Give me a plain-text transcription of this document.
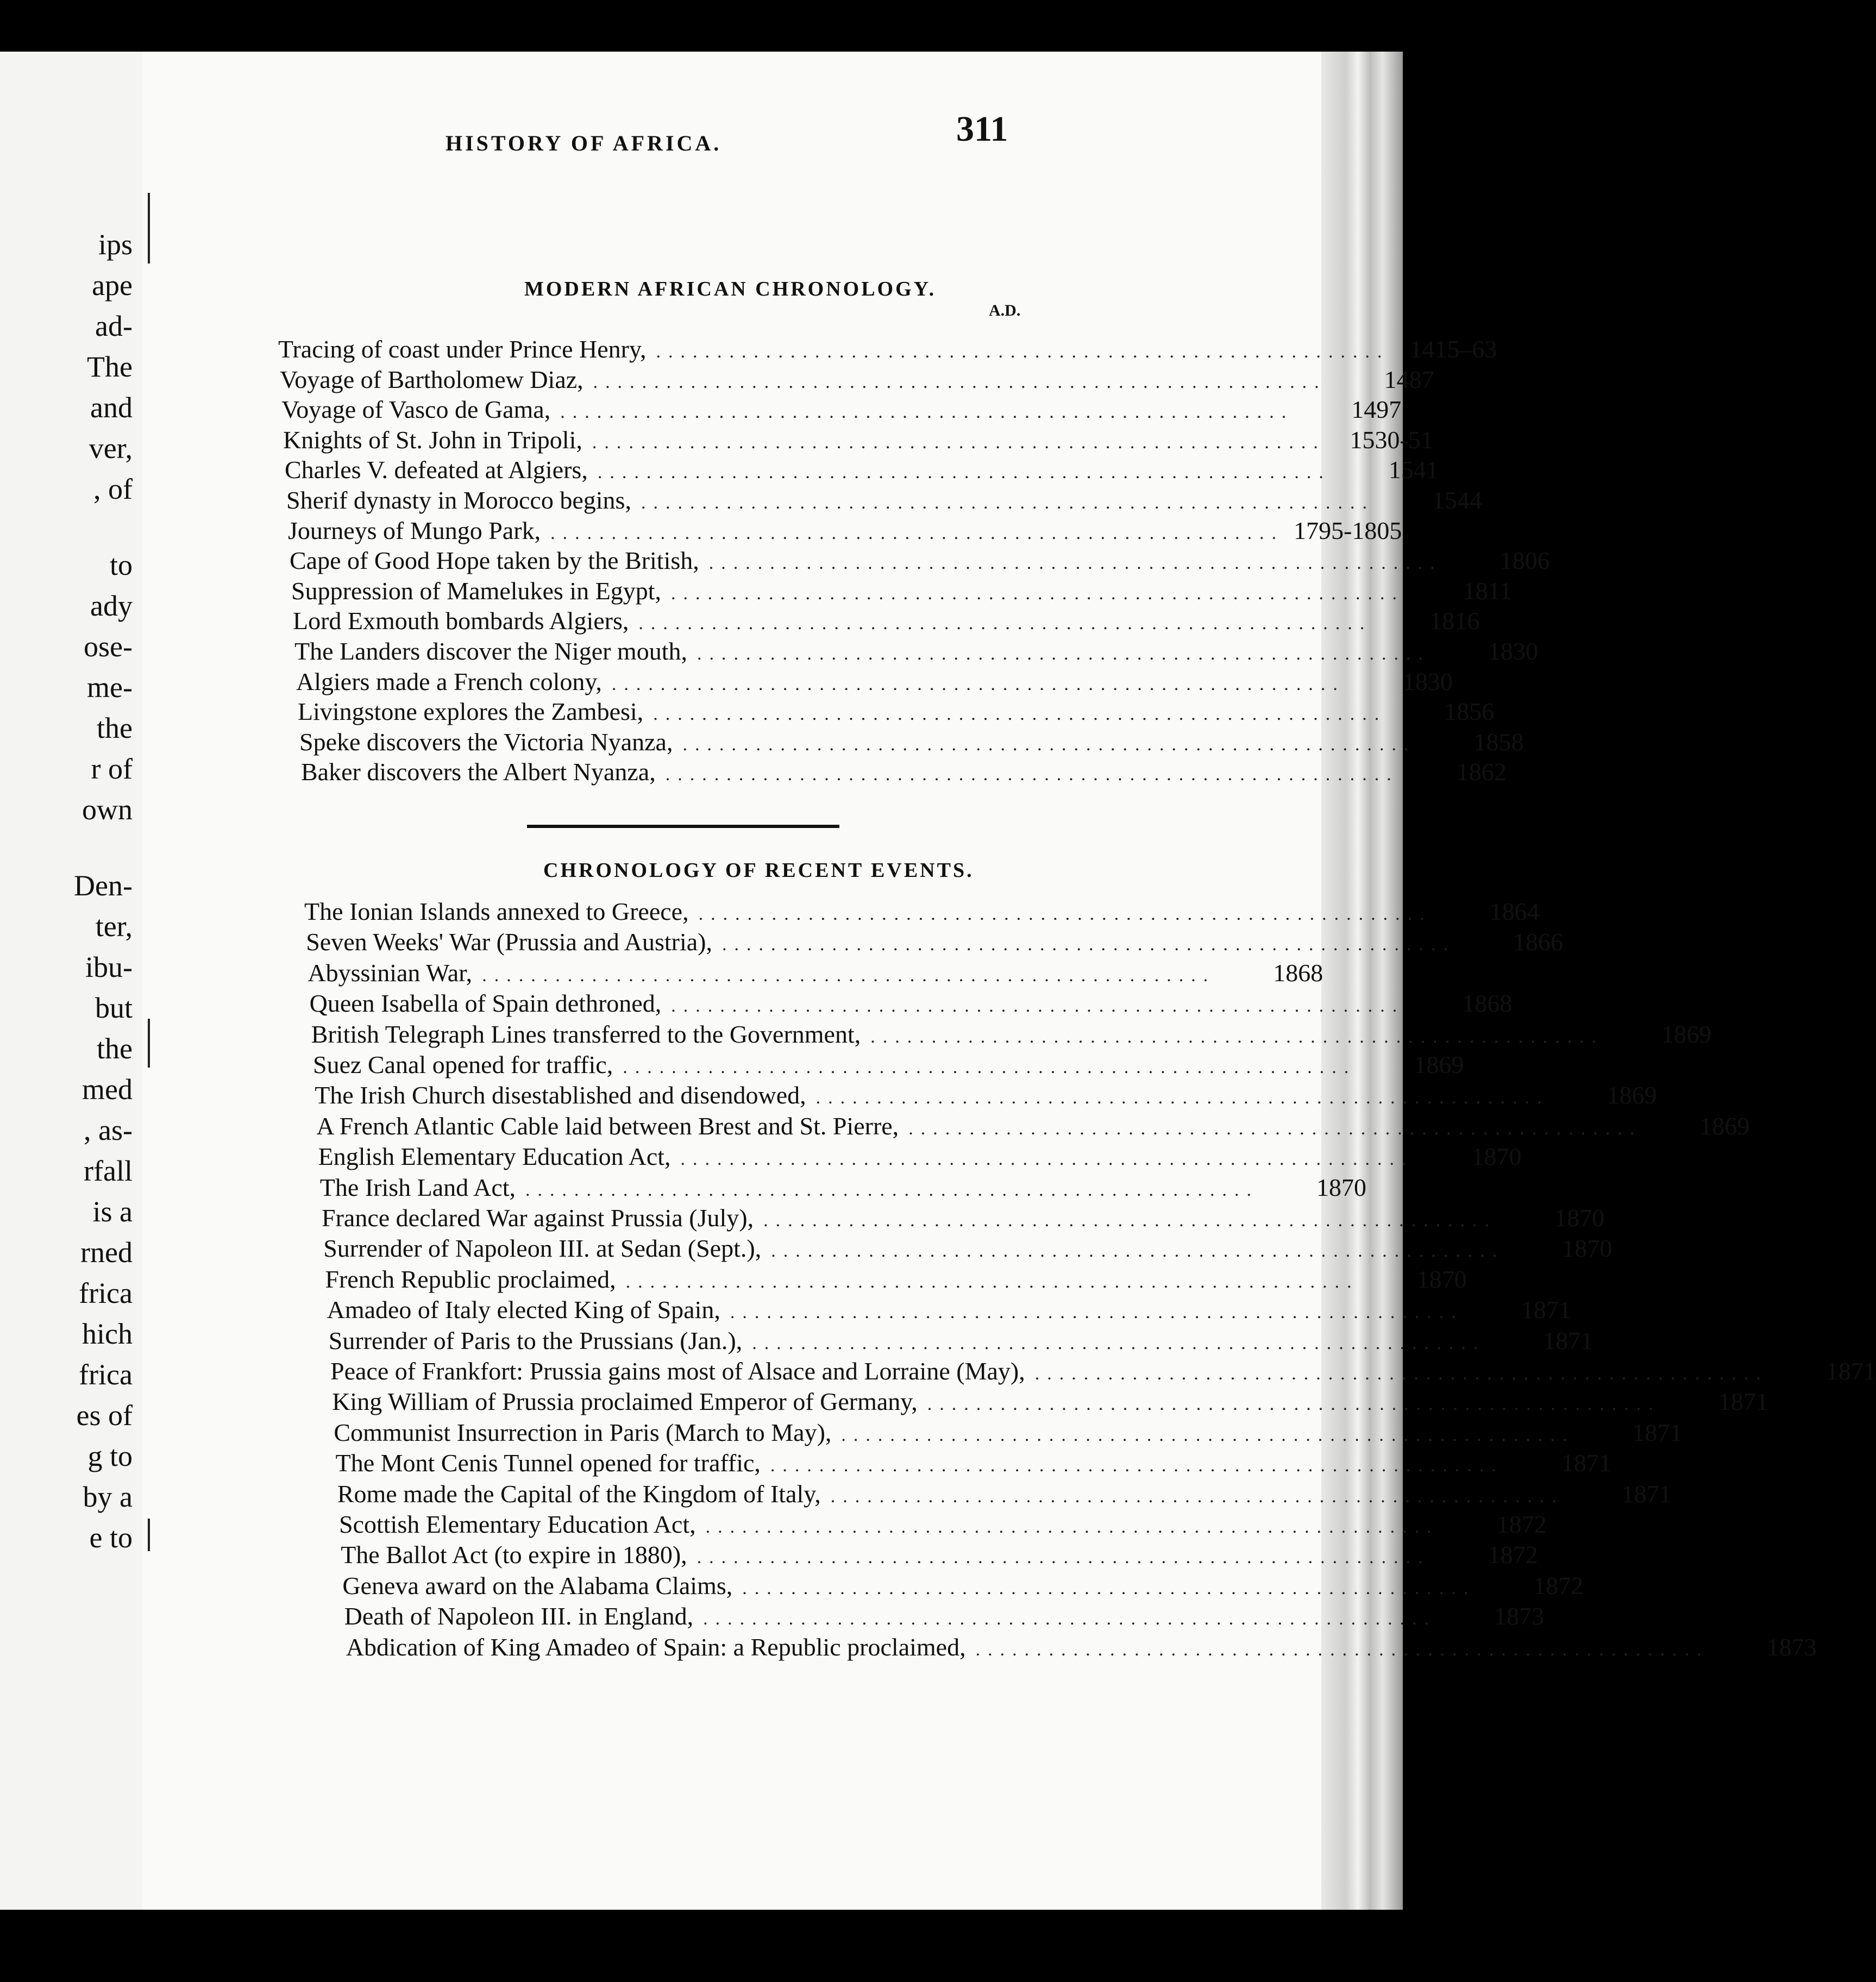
ips
ape
ad-
The
and
ver,
, of
to
ady
ose-
me-
the
r of
own
Den-
ter,
ibu-
but
the
med
, as-
rfall
is a
rned
frica
hich
frica
es of
g to
by a
e to
HISTORY OF AFRICA.	311
MODERN AFRICAN CHRONOLOGY.
A.D.
Tracing of coast under Prince Henry, ............................................................ 1415–63
Voyage of Bartholomew Diaz, ............................................................	1487
Voyage of Vasco de Gama, ............................................................	1497
Knights of St. John in Tripoli, ............................................................ 1530-51
Charles V. defeated at Algiers, ............................................................	1541
Sherif dynasty in Morocco begins, ............................................................	1544
Journeys of Mungo Park, ............................................................ 1795-1805
Cape of Good Hope taken by the British, ............................................................	1806
Suppression of Mamelukes in Egypt, ............................................................	1811
Lord Exmouth bombards Algiers, ............................................................	1816
The Landers discover the Niger mouth, ............................................................	1830
Algiers made a French colony, ............................................................	1830
Livingstone explores the Zambesi, ............................................................	1856
Speke discovers the Victoria Nyanza, ............................................................	1858
Baker discovers the Albert Nyanza, ............................................................	1862
CHRONOLOGY OF RECENT EVENTS.
The Ionian Islands annexed to Greece, ............................................................	1864
Seven Weeks' War (Prussia and Austria), ............................................................	1866
Abyssinian War, ............................................................	1868
Queen Isabella of Spain dethroned, ............................................................	1868
British Telegraph Lines transferred to the Government, ............................................................	1869
Suez Canal opened for traffic, ............................................................	1869
The Irish Church disestablished and disendowed, ............................................................	1869
A French Atlantic Cable laid between Brest and St. Pierre, ............................................................	1869
English Elementary Education Act, ............................................................	1870
The Irish Land Act, ............................................................	1870
France declared War against Prussia (July), ............................................................	1870
Surrender of Napoleon III. at Sedan (Sept.), ............................................................	1870
French Republic proclaimed, ............................................................	1870
Amadeo of Italy elected King of Spain, ............................................................	1871
Surrender of Paris to the Prussians (Jan.), ............................................................	1871
Peace of Frankfort: Prussia gains most of Alsace and Lorraine (May), ............................................................	1871
King William of Prussia proclaimed Emperor of Germany, ............................................................	1871
Communist Insurrection in Paris (March to May), ............................................................	1871
The Mont Cenis Tunnel opened for traffic, ............................................................	1871
Rome made the Capital of the Kingdom of Italy, ............................................................	1871
Scottish Elementary Education Act, ............................................................	1872
The Ballot Act (to expire in 1880), ............................................................	1872
Geneva award on the Alabama Claims, ............................................................	1872
Death of Napoleon III. in England, ............................................................	1873
Abdication of King Amadeo of Spain: a Republic proclaimed, ............................................................	1873
